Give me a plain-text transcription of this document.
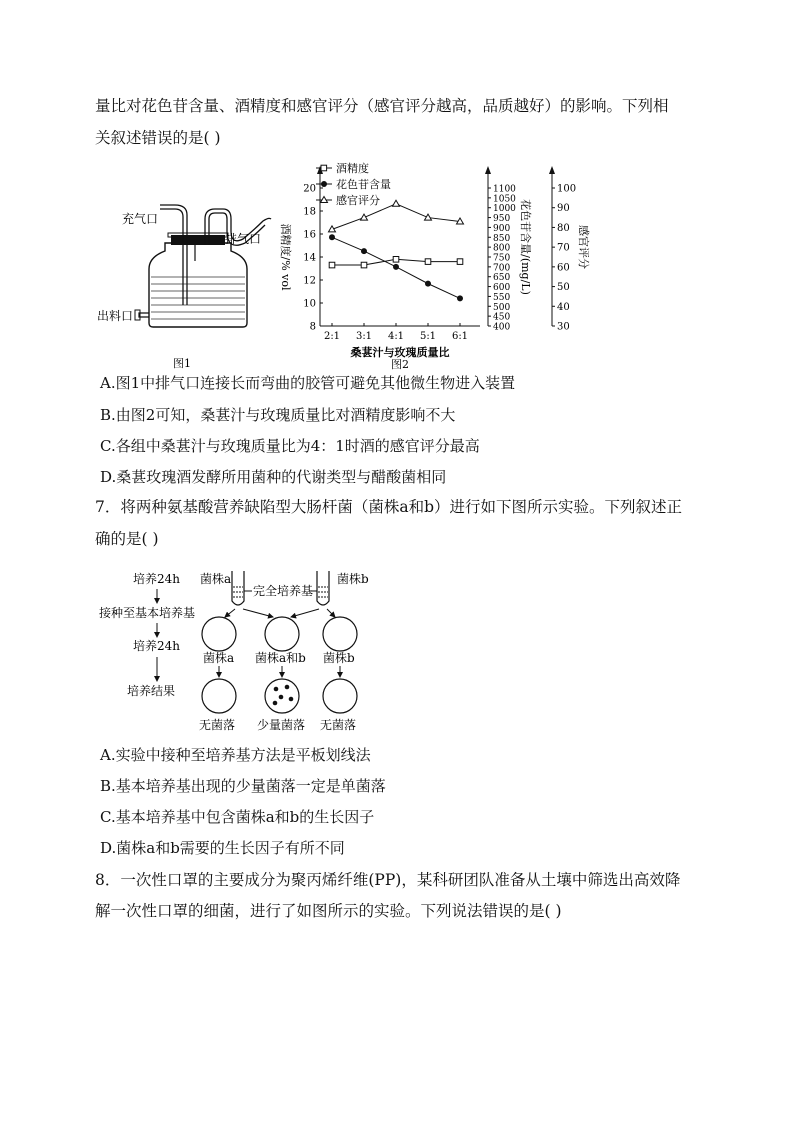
量比对花色苷含量、酒精度和感官评分（感官评分越高，品质越好）的影响。下列相
关叙述错误的是( )
充气口
排气口
出料口
图1
8
10
12
14
16
18
20
400
450
500
550
600
650
700
750
800
850
900
950
1000
1050
1100
30
40
50
60
70
80
90
100
2:1 3:1 4:1 5:1 6:1
桑葚汁与玫瑰质量比
酒精度/% vol	花色苷含量/(mg/L)	感官评分
酒精度
花色苷含量
感官评分
图2
A.图1中排气口连接长而弯曲的胶管可避免其他微生物进入装置
B.由图2可知，桑葚汁与玫瑰质量比对酒精度影响不大
C.各组中桑葚汁与玫瑰质量比为4：1时酒的感官评分最高
D.桑葚玫瑰酒发酵所用菌种的代谢类型与醋酸菌相同
7．将两种氨基酸营养缺陷型大肠杆菌（菌株a和b）进行如下图所示实验。下列叙述正
确的是( )
培养24h
接种至基本培养基
培养24h
培养结果
菌株a	菌株b
完全培养基
菌株a 菌株a和b 菌株b
无菌落 少量菌落 无菌落
A.实验中接种至培养基方法是平板划线法
B.基本培养基出现的少量菌落一定是单菌落
C.基本培养基中包含菌株a和b的生长因子
D.菌株a和b需要的生长因子有所不同
8．一次性口罩的主要成分为聚丙烯纤维(PP)，某科研团队准备从土壤中筛选出高效降
解一次性口罩的细菌，进行了如图所示的实验。下列说法错误的是( )
